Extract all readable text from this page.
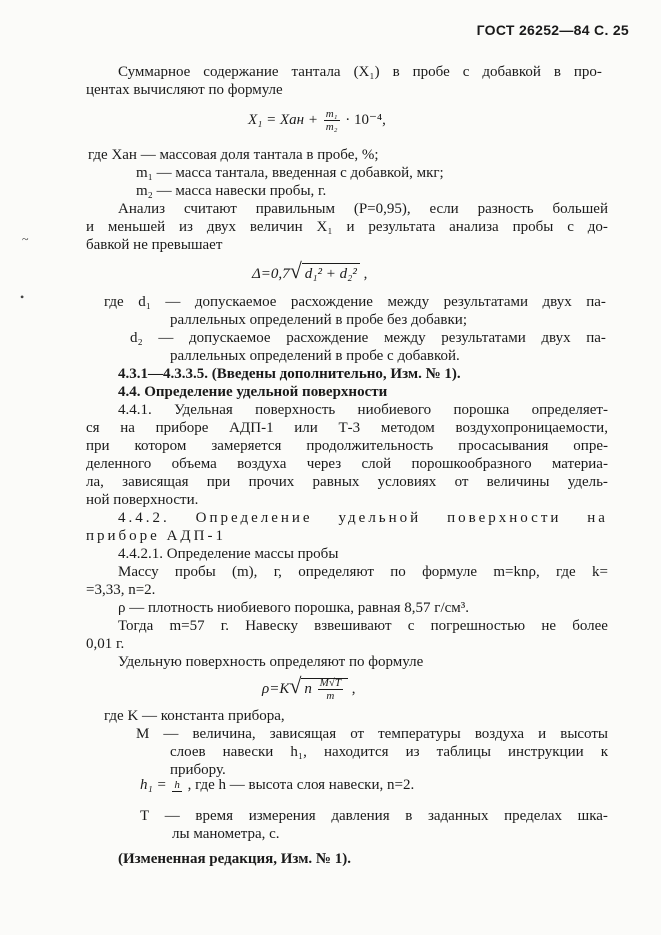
ГОСТ 26252—84 С. 25
~
•
Суммарное содержание тантала (X₁) в пробе с добавкой в про-
центах вычисляют по формуле
X₁ = Xан + $\frac{\text{m₁}}{\text{m₂}} \cdot 10^{-4}$,
где Xан — массовая доля тантала в пробе, %;
m₁ — масса тантала, введенная с добавкой, мкг;
m₂ — масса навески пробы, г.
Анализ считают правильным (P=0,95), если разность большей
и меньшей из двух величин X₁ и результата анализа пробы с до-
бавкой не превышает
Δ=0,7√ d₁² + d₂² ,
где d₁ — допускаемое расхождение между результатами двух па-
раллельных определений в пробе без добавки;
d₂ — допускаемое расхождение между результатами двух па-
раллельных определений в пробе с добавкой.
4.3.1—4.3.3.5. (Введены дополнительно, Изм. № 1).
4.4. Определение удельной поверхности
4.4.1. Удельная поверхность ниобиевого порошка определяет-
ся на приборе АДП-1 или Т-3 методом воздухопроницаемости,
при котором замеряется продолжительность просасывания опре-
деленного объема воздуха через слой порошкообразного материа-
ла, зависящая при прочих равных условиях от величины удель-
ной поверхности.
4.4.2. Определение удельной поверхности на
приборе АДП-1
4.4.2.1. Определение массы пробы
Массу пробы (m), г, определяют по формуле m=knρ, где k=
=3,33, n=2.
ρ — плотность ниобиевого порошка, равная 8,57 г/см³.
Тогда m=57 г. Навеску взвешивают с погрешностью не более
0,01 г.
Удельную поверхность определяют по формуле
ρ=K√ n $\frac{M√T}{m}$ ,
где K — константа прибора,
M — величина, зависящая от температуры воздуха и высоты
слоев навески h₁, находится из таблицы инструкции к
прибору.
h₁ = h , где h — высота слоя навески, n=2.
T — время измерения давления в заданных пределах шка-
лы манометра, с.
(Измененная редакция, Изм. № 1).
